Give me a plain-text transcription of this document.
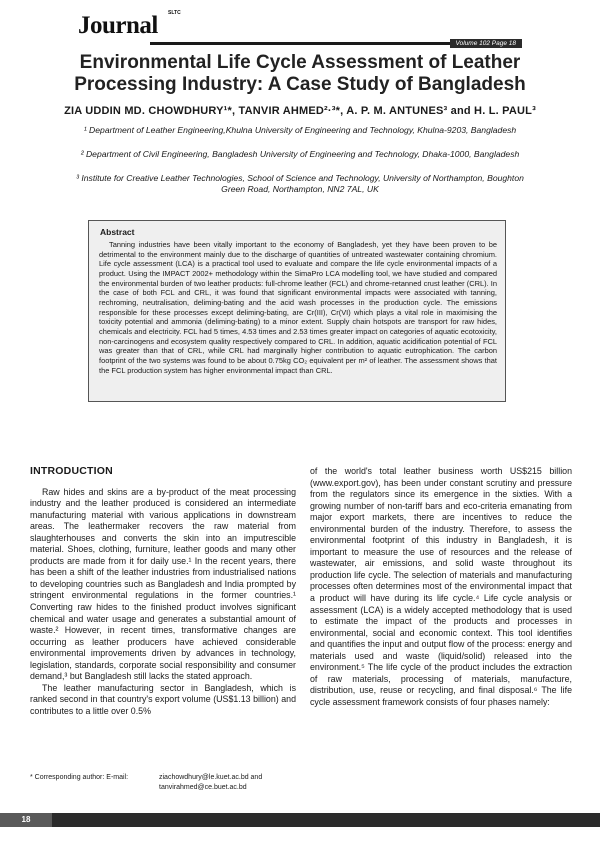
SLTC
Journal
Volume 102 Page 18
Environmental Life Cycle Assessment of Leather Processing Industry: A Case Study of Bangladesh
ZIA UDDIN MD. CHOWDHURY¹*, TANVIR AHMED²·³*, A. P. M. ANTUNES³ and H. L. PAUL³
¹ Department of Leather Engineering,Khulna University of Engineering and Technology, Khulna-9203, Bangladesh
² Department of Civil Engineering, Bangladesh University of Engineering and Technology, Dhaka-1000, Bangladesh
³ Institute for Creative Leather Technologies, School of Science and Technology, University of Northampton, Boughton Green Road, Northampton, NN2 7AL, UK
Abstract

Tanning industries have been vitally important to the economy of Bangladesh, yet they have been proven to be detrimental to the environment mainly due to the discharge of quantities of untreated wastewater containing chromium. Life cycle assessment (LCA) is a practical tool used to evaluate and compare the life cycle environmental impacts of a product. Using the IMPACT 2002+ methodology within the SimaPro LCA modelling tool, we have studied and compared the environmental burden of two leather products: full-chrome leather (FCL) and chrome-retanned crust leather (CRL). In the case of both FCL and CRL, it was found that significant environmental impacts were associated with tanning, rechroming, neutralisation, deliming-bating and the acid wash processes in the production cycle. The emissions responsible for these processes except deliming-bating, are Cr(III), Cr(VI) which plays a vital role in maximising the toxicity potential and ammonia (deliming-bating) to a minor extent. Supply chain hotspots are transport for raw hides, chemicals and electricity. FCL had 5 times, 4.53 times and 2.53 times greater impact on categories of aquatic ecotoxicity, non-carcinogens and ecosystem quality respectively compared to CRL. In addition, aquatic acidification potential of FCL was greater than that of CRL, while CRL had marginally higher contribution to aquatic eutrophication. The carbon footprint of the two systems was found to be about 0.75kg CO₂ equivalent per m² of leather. The assessment shows that the FCL production system has higher environmental impact than CRL.

INTRODUCTION

Raw hides and skins are a by-product of the meat processing industry and the leather produced is considered an intermediate manufacturing material with various applications in downstream areas. The leathermaker recovers the raw material from slaughterhouses and converts the skin into an imputrescible material. Shoes, clothing, furniture, leather goods and many other products are made from it for daily use.¹ In the recent years, there has been a shift of the leather industries from industrialised nations to developing countries such as Bangladesh and India prompted by stringent environmental regulations in the former countries.¹ Converting raw hides to the finished product involves significant chemical and water usage and generates a substantial amount of waste.² However, in recent times, transformative changes are occurring as leather producers have achieved considerable environmental improvements driven by advances in technology, legislation, standards, corporate social responsibility and consumer demand,³ but Bangladesh still lacks the stated approach.

The leather manufacturing sector in Bangladesh, which is ranked second in that country's export volume (US$1.13 billion) and contributes to a little over 0.5%

of the world's total leather business worth US$215 billion (www.export.gov), has been under constant scrutiny and pressure from the regulators since its emergence in the sixties. With a growing number of non-tariff bars and eco-criteria emanating from major export markets, there are incentives to reduce the environmental burden of the industry. Therefore, to assess the environmental footprint of this industry in Bangladesh, it is important to measure the use of resources and the release of wastewater, air emissions, and solid waste throughout its production life cycle. The selection of materials and manufacturing processes often determines most of the environmental impact that a product will have during its life cycle.⁴ Life cycle analysis or assessment (LCA) is a widely accepted methodology that is used to estimate the impact of the products and processes in environmental, social and economic context. This tool identifies and quantifies the input and output flow of the process: energy and materials used and waste (liquid/solid) released into the environment.⁵ The life cycle of the product includes the extraction of raw materials, processing of materials, manufacture, distribution, use, reuse or recycling, and final disposal.⁶ The life cycle assessment framework consists of four phases namely:

* Corresponding author: E-mail:	ziachowdhury@le.kuet.ac.bd and
tanvirahmed@ce.buet.ac.bd
18
